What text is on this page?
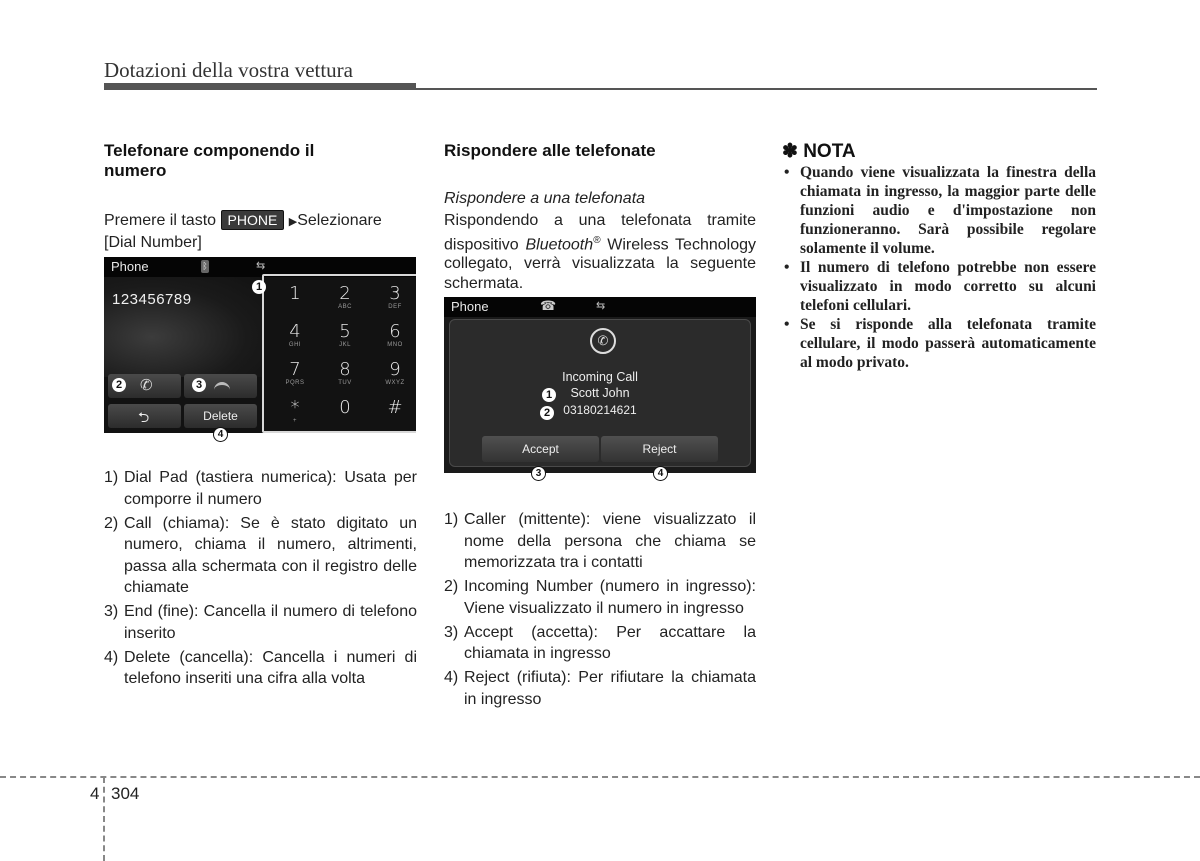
Dotazioni della vostra vettura
Telefonare componendo il numero
Premere il tasto PHONE ▶Selezionare [Dial Number]
Phone	ᛒ	⇆
123456789	1	2
ABC
3
DEF
4
GHI
5
JKL
6
MNO
7
PQRS
8
TUV
9
WXYZ
*
+
0	#
✆
⮌	Delete
1
2	3
4
1) Dial Pad (tastiera numerica): Usata per comporre il numero
2) Call (chiama): Se è stato digitato un numero, chiama il numero, altrimenti, passa alla schermata con il registro delle chiamate
3) End (fine): Cancella il numero di telefono inserito
4) Delete (cancella): Cancella i numeri di telefono inseriti una cifra alla volta
Rispondere alle telefonate
Rispondere a una telefonata
Rispondendo a una telefonata tramite dispositivo Bluetooth® Wireless Technology collegato, verrà visualizzata la seguente schermata.
Phone	☎	⇆
✆
Incoming Call
Scott John
03180214621
1
2
Accept	Reject
3	4
1) Caller (mittente): viene visualizzato il nome della persona che chiama se memorizzata tra i contatti
2) Incoming Number (numero in ingresso): Viene visualizzato il numero in ingresso
3) Accept (accetta): Per accattare la chiamata in ingresso
4) Reject (rifiuta): Per rifiutare la chiamata in ingresso
✽ NOTA
• Quando viene visualizzata la finestra della chiamata in ingresso, la maggior parte delle funzioni audio e d'impostazione non funzioneranno. Sarà possibile regolare solamente il volume.
• Il numero di telefono potrebbe non essere visualizzato in modo corretto su alcuni telefoni cellulari.
• Se si risponde alla telefonata tramite cellulare, il modo passerà automaticamente al modo privato.
4 304
